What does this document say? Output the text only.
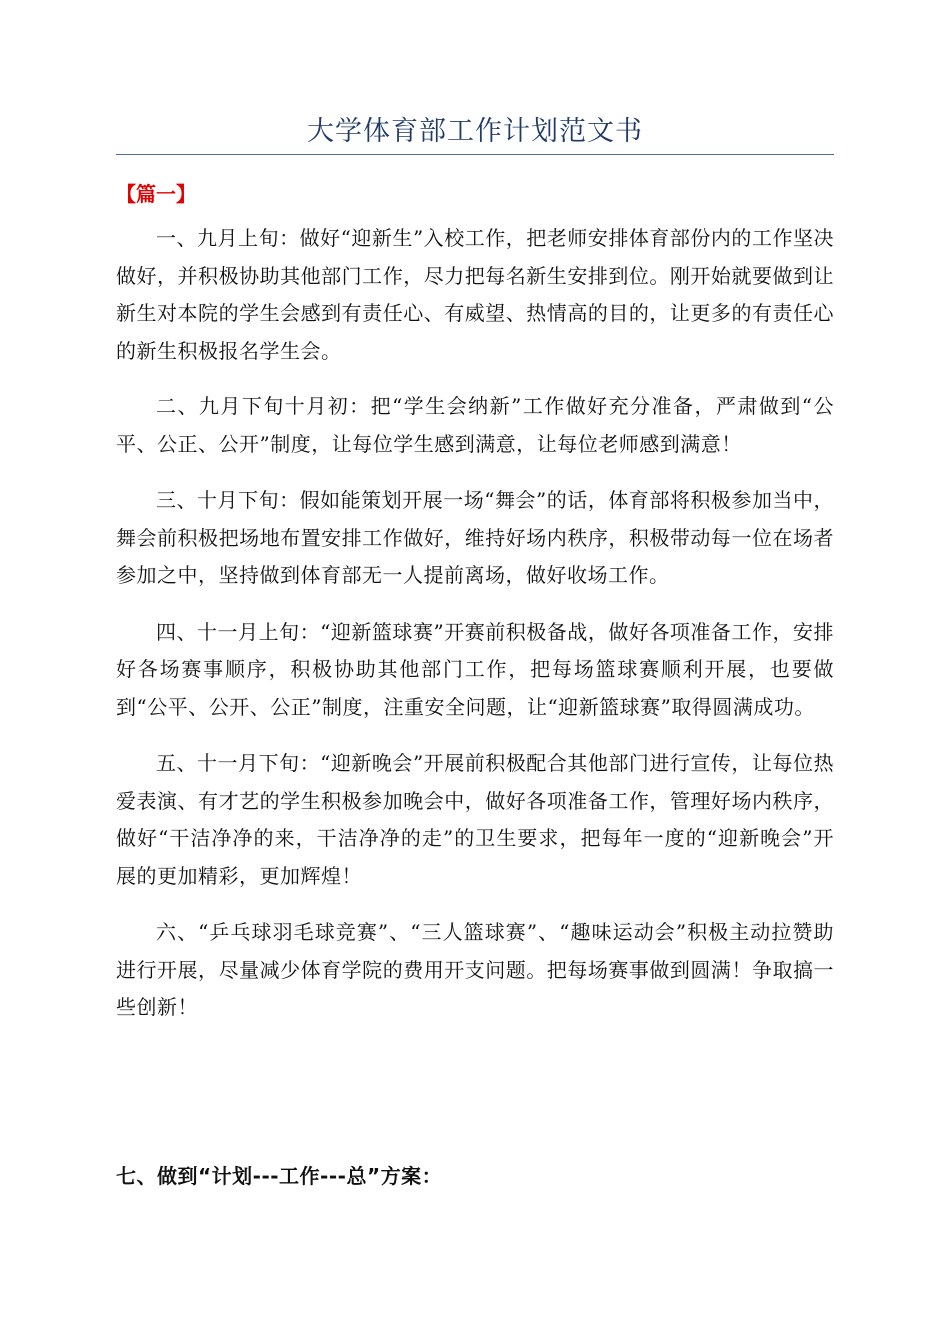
大学体育部工作计划范文书
【篇一】

一、九月上旬：做好“迎新生”入校工作，把老师安排体育部份内的工作坚决做好，并积极协助其他部门工作，尽力把每名新生安排到位。刚开始就要做到让新生对本院的学生会感到有责任心、有威望、热情高的目的，让更多的有责任心的新生积极报名学生会。

二、九月下旬十月初：把“学生会纳新”工作做好充分准备，严肃做到“公平、公正、公开”制度，让每位学生感到满意，让每位老师感到满意！

三、十月下旬：假如能策划开展一场“舞会”的话，体育部将积极参加当中，舞会前积极把场地布置安排工作做好，维持好场内秩序，积极带动每一位在场者参加之中，坚持做到体育部无一人提前离场，做好收场工作。

四、十一月上旬：“迎新篮球赛”开赛前积极备战，做好各项准备工作，安排好各场赛事顺序，积极协助其他部门工作，把每场篮球赛顺利开展，也要做到“公平、公开、公正”制度，注重安全问题，让“迎新篮球赛”取得圆满成功。

五、十一月下旬：“迎新晚会”开展前积极配合其他部门进行宣传，让每位热爱表演、有才艺的学生积极参加晚会中，做好各项准备工作，管理好场内秩序，做好“干洁净净的来，干洁净净的走”的卫生要求，把每年一度的“迎新晚会”开展的更加精彩，更加辉煌！

六、“乒乓球羽毛球竞赛”、“三人篮球赛”、“趣味运动会”积极主动拉赞助进行开展，尽量减少体育学院的费用开支问题。把每场赛事做到圆满！争取搞一些创新！

七、做到“计划---工作---总”方案：
